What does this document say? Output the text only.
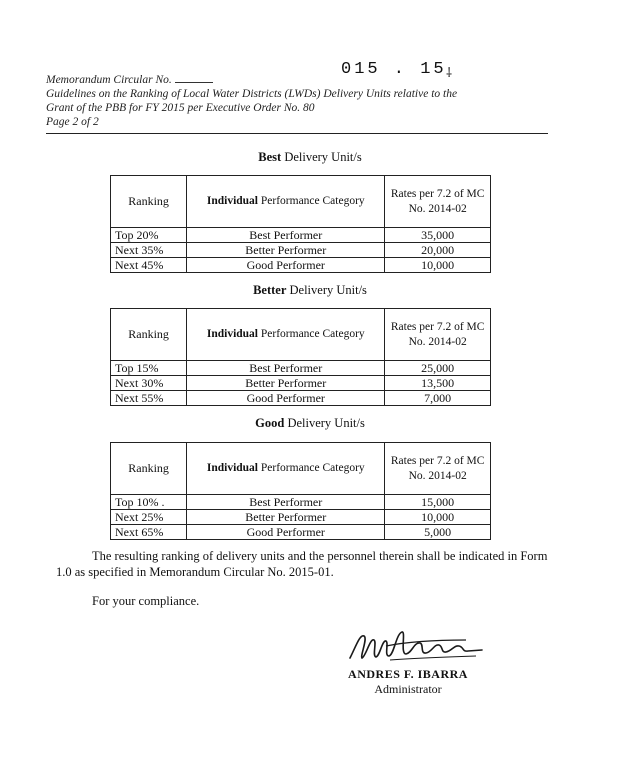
015 . 15 ⸸
Memorandum Circular No.
Guidelines on the Ranking of Local Water Districts (LWDs) Delivery Units relative to the
Grant of the PBB for FY 2015 per Executive Order No. 80
Page 2 of 2
Best Delivery Unit/s
Ranking	Individual Performance Category	Rates per 7.2 of MC No. 2014-02
Top 20%	Best Performer	35,000
Next 35%	Better Performer	20,000
Next 45%	Good Performer	10,000
Better Delivery Unit/s
Ranking	Individual Performance Category	Rates per 7.2 of MC No. 2014-02
Top 15%	Best Performer	25,000
Next 30%	Better Performer	13,500
Next 55%	Good Performer	7,000
Good Delivery Unit/s
Ranking	Individual Performance Category	Rates per 7.2 of MC No. 2014-02
Top 10% .	Best Performer	15,000
Next 25%	Better Performer	10,000
Next 65%	Good Performer	5,000
The resulting ranking of delivery units and the personnel therein shall be indicated in Form 1.0 as specified in Memorandum Circular No. 2015-01.
For your compliance.
ANDRES F. IBARRA
Administrator
